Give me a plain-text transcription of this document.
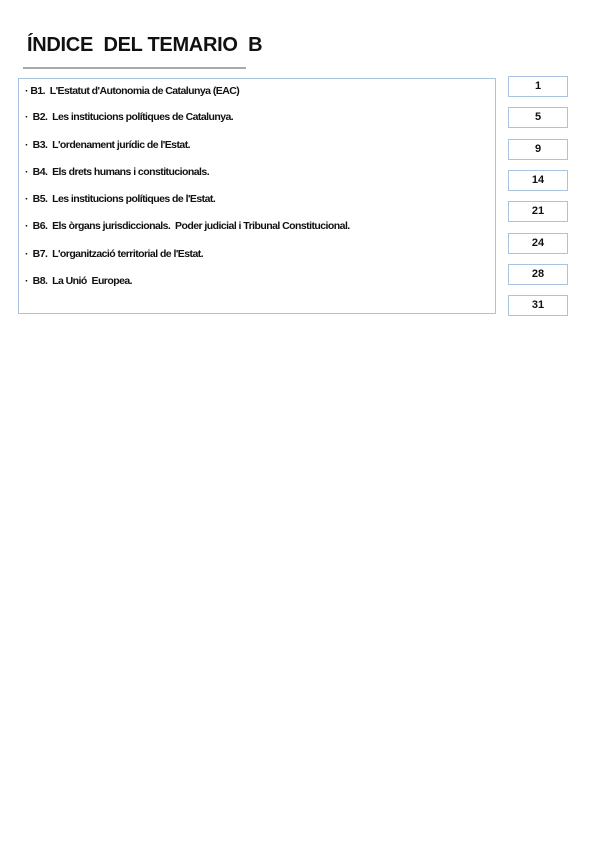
ÍNDICE  DEL TEMARIO  B
· B1.  L'Estatut d'Autonomia de Catalunya (EAC)
·  B2.  Les institucions polítiques de Catalunya.
·  B3.  L'ordenament jurídic de l'Estat.
·  B4.  Els drets humans i constitucionals.
·  B5.  Les institucions polítiques de l'Estat.
·  B6.  Els òrgans jurisdiccionals.  Poder judicial i Tribunal Constitucional.
·  B7.  L'organització territorial de l'Estat.
·  B8.  La Unió  Europea.
1
5
9
14
21
24
28
31
